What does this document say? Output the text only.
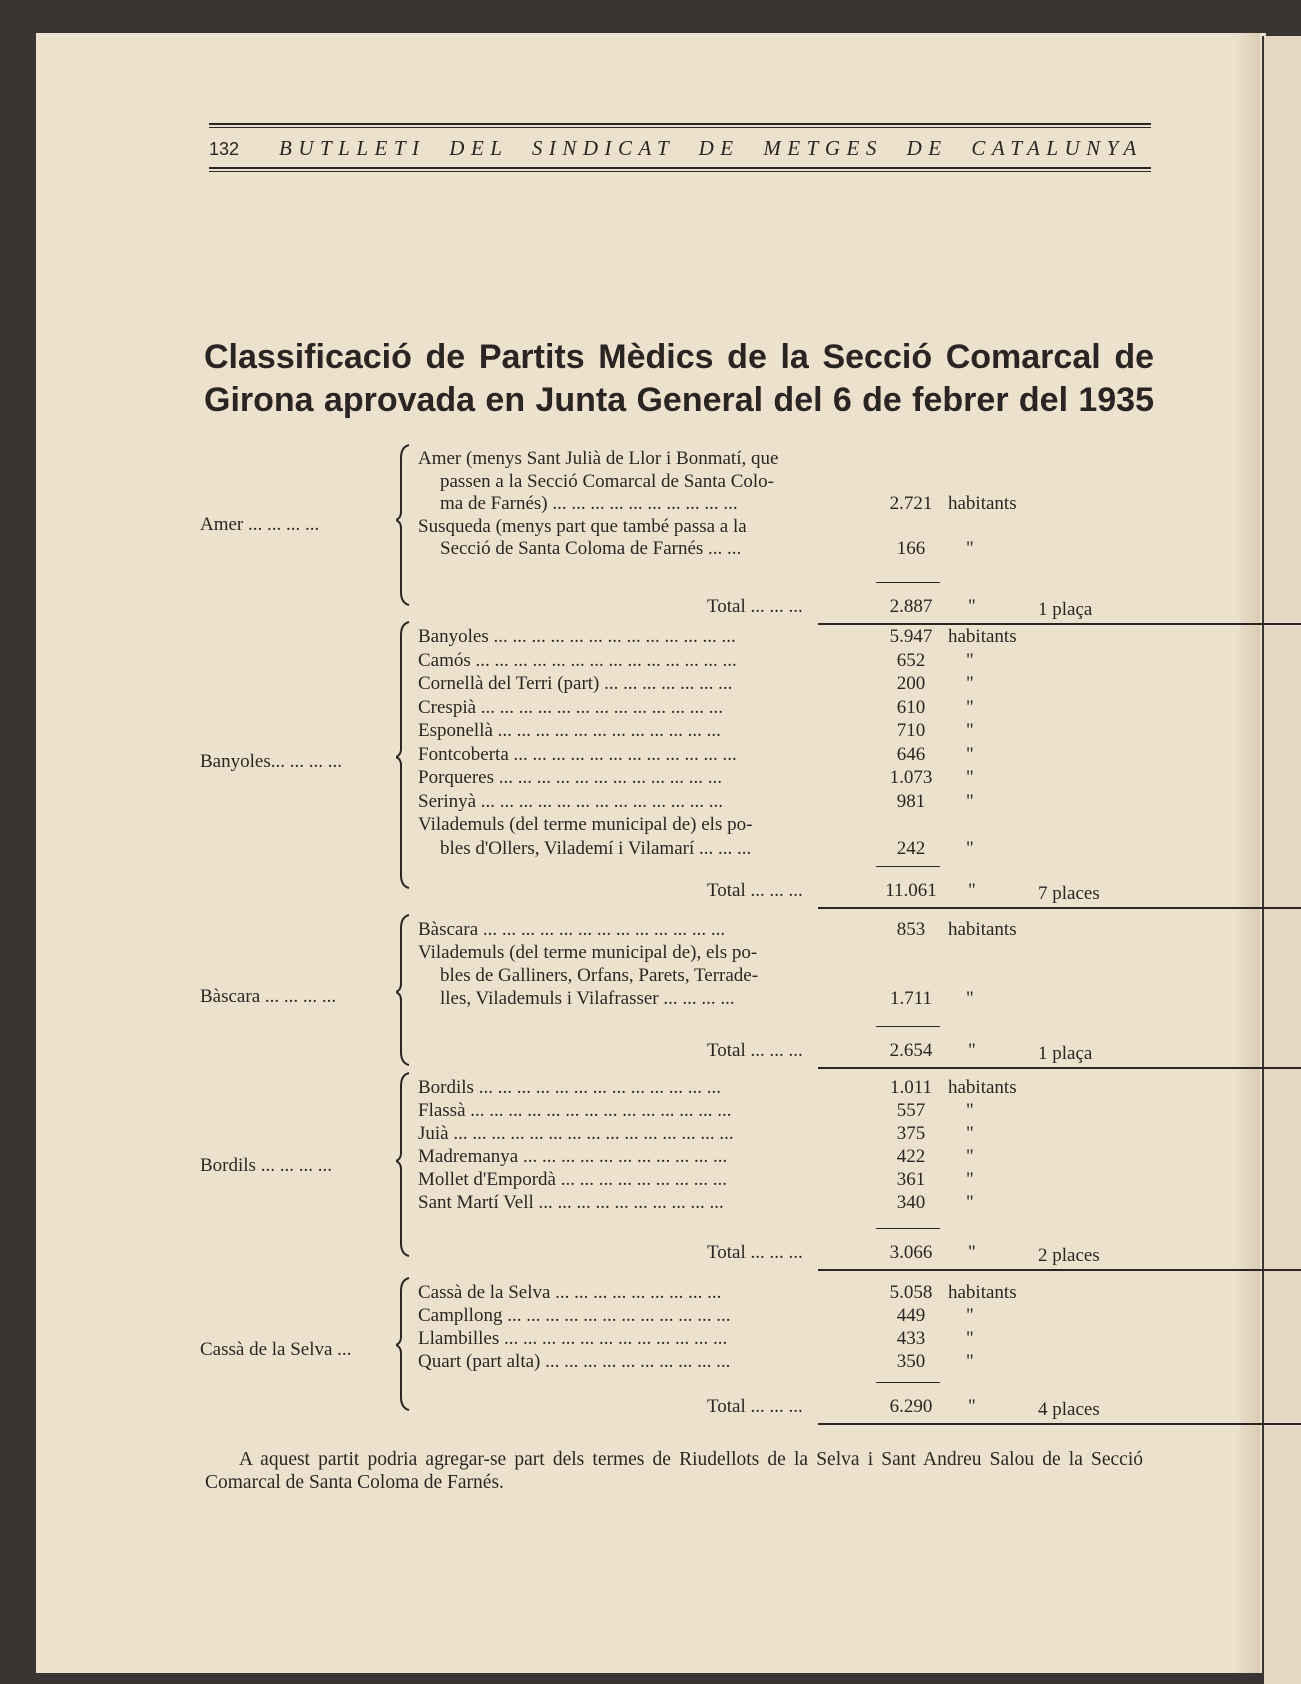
132	BUTLLETI DEL SINDICAT DE METGES DE CATALUNYA
Classificació de Partits Mèdics de la Secció Comarcal de
Girona aprovada en Junta General del 6 de febrer del 1935
Amer ... ... ... ...
Amer (menys Sant Julià de Llor i Bonmatí, que
passen a la Secció Comarcal de Santa Colo-
ma de Farnés) ... ... ... ... ... ... ... ... ... ...	2.721 habitants
Susqueda (menys part que també passa a la
Secció de Santa Coloma de Farnés ... ...	166	"
Total ... ... ...	2.887	"	1 plaça
Banyoles... ... ... ...
Banyoles ... ... ... ... ... ... ... ... ... ... ... ... ...	5.947 habitants
Camós ... ... ... ... ... ... ... ... ... ... ... ... ... ...	652	"
Cornellà del Terri (part) ... ... ... ... ... ... ...	200	"
Crespià ... ... ... ... ... ... ... ... ... ... ... ... ...	610	"
Esponellà ... ... ... ... ... ... ... ... ... ... ... ...	710	"
Fontcoberta ... ... ... ... ... ... ... ... ... ... ... ...	646	"
Porqueres ... ... ... ... ... ... ... ... ... ... ... ...	1.073	"
Serinyà ... ... ... ... ... ... ... ... ... ... ... ... ...	981	"
Vilademuls (del terme municipal de) els po-
bles d'Ollers, Vilademí i Vilamarí ... ... ...	242	"
Total ... ... ...	11.061	"	7 places
Bàscara ... ... ... ...
Bàscara ... ... ... ... ... ... ... ... ... ... ... ... ...	853	habitants
Vilademuls (del terme municipal de), els po-
bles de Galliners, Orfans, Parets, Terrade-
lles, Vilademuls i Vilafrasser ... ... ... ...	1.711	"
Total ... ... ...	2.654	"	1 plaça
Bordils ... ... ... ...
Bordils ... ... ... ... ... ... ... ... ... ... ... ... ...	1.011 habitants
Flassà ... ... ... ... ... ... ... ... ... ... ... ... ... ...	557	"
Juià ... ... ... ... ... ... ... ... ... ... ... ... ... ... ...	375	"
Madremanya ... ... ... ... ... ... ... ... ... ... ...	422	"
Mollet d'Empordà ... ... ... ... ... ... ... ... ...	361	"
Sant Martí Vell ... ... ... ... ... ... ... ... ... ...	340	"
Total ... ... ...	3.066	"	2 places
Cassà de la Selva ...
Cassà de la Selva ... ... ... ... ... ... ... ... ...	5.058 habitants
Campllong ... ... ... ... ... ... ... ... ... ... ... ...	449	"
Llambilles ... ... ... ... ... ... ... ... ... ... ... ...	433	"
Quart (part alta) ... ... ... ... ... ... ... ... ... ...	350	"
Total ... ... ...	6.290	"	4 places
A aquest partit podria agregar-se part dels termes de Riudellots de la Selva i Sant Andreu Salou de la Secció Comarcal de Santa Coloma de Farnés.
